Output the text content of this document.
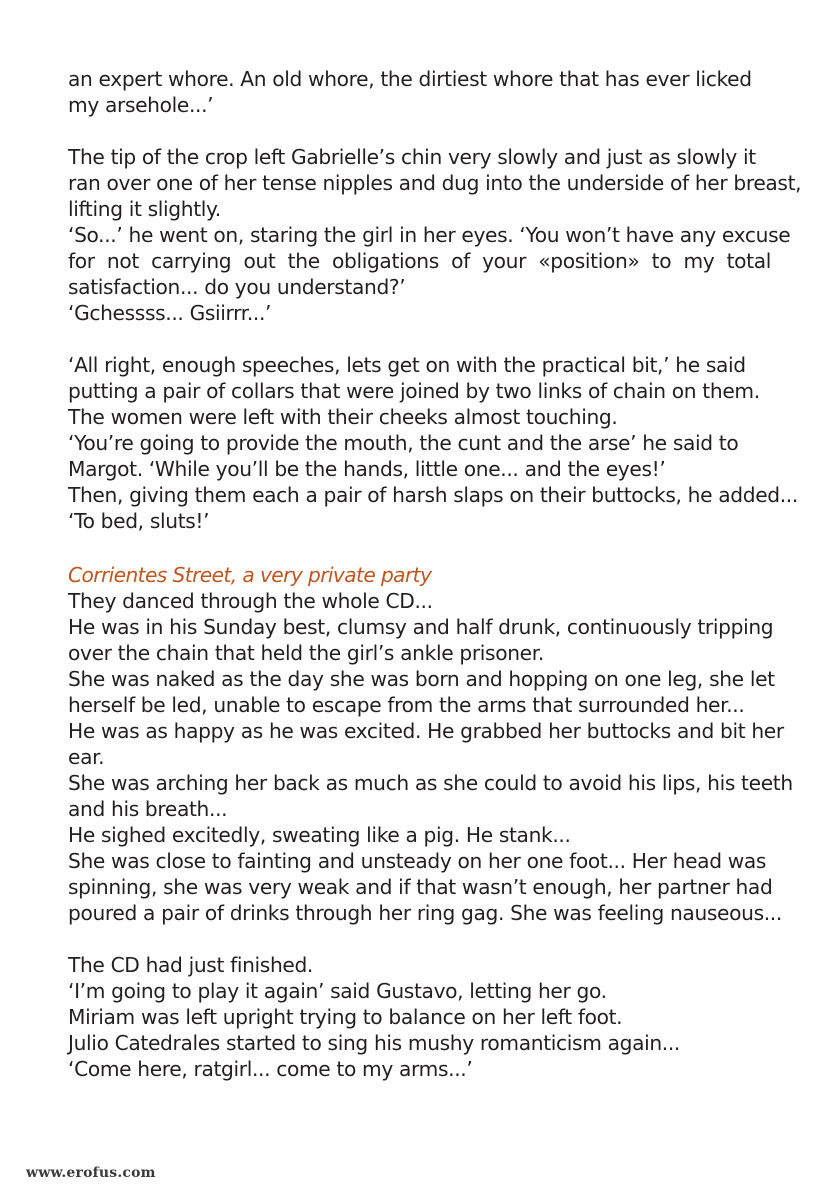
an expert whore. An old whore, the dirtiest whore that has ever licked
my arsehole...’
The tip of the crop left Gabrielle’s chin very slowly and just as slowly it
ran over one of her tense nipples and dug into the underside of her breast,
lifting it slightly.
‘So...’ he went on, staring the girl in her eyes. ‘You won’t have any excuse
for not carrying out the obligations of your «position» to my total
satisfaction... do you understand?’
‘Gchessss... Gsiirrr...’
‘All right, enough speeches, lets get on with the practical bit,’ he said
putting a pair of collars that were joined by two links of chain on them.
The women were left with their cheeks almost touching.
‘You’re going to provide the mouth, the cunt and the arse’ he said to
Margot. ‘While you’ll be the hands, little one... and the eyes!’
Then, giving them each a pair of harsh slaps on their buttocks, he added...
‘To bed, sluts!’
Corrientes Street, a very private party
They danced through the whole CD...
He was in his Sunday best, clumsy and half drunk, continuously tripping
over the chain that held the girl’s ankle prisoner.
She was naked as the day she was born and hopping on one leg, she let
herself be led, unable to escape from the arms that surrounded her...
He was as happy as he was excited. He grabbed her buttocks and bit her
ear.
She was arching her back as much as she could to avoid his lips, his teeth
and his breath...
He sighed excitedly, sweating like a pig. He stank...
She was close to fainting and unsteady on her one foot... Her head was
spinning, she was very weak and if that wasn’t enough, her partner had
poured a pair of drinks through her ring gag. She was feeling nauseous...
The CD had just finished.
‘I’m going to play it again’ said Gustavo, letting her go.
Miriam was left upright trying to balance on her left foot.
Julio Catedrales started to sing his mushy romanticism again...
‘Come here, ratgirl... come to my arms...’
www.erofus.com
